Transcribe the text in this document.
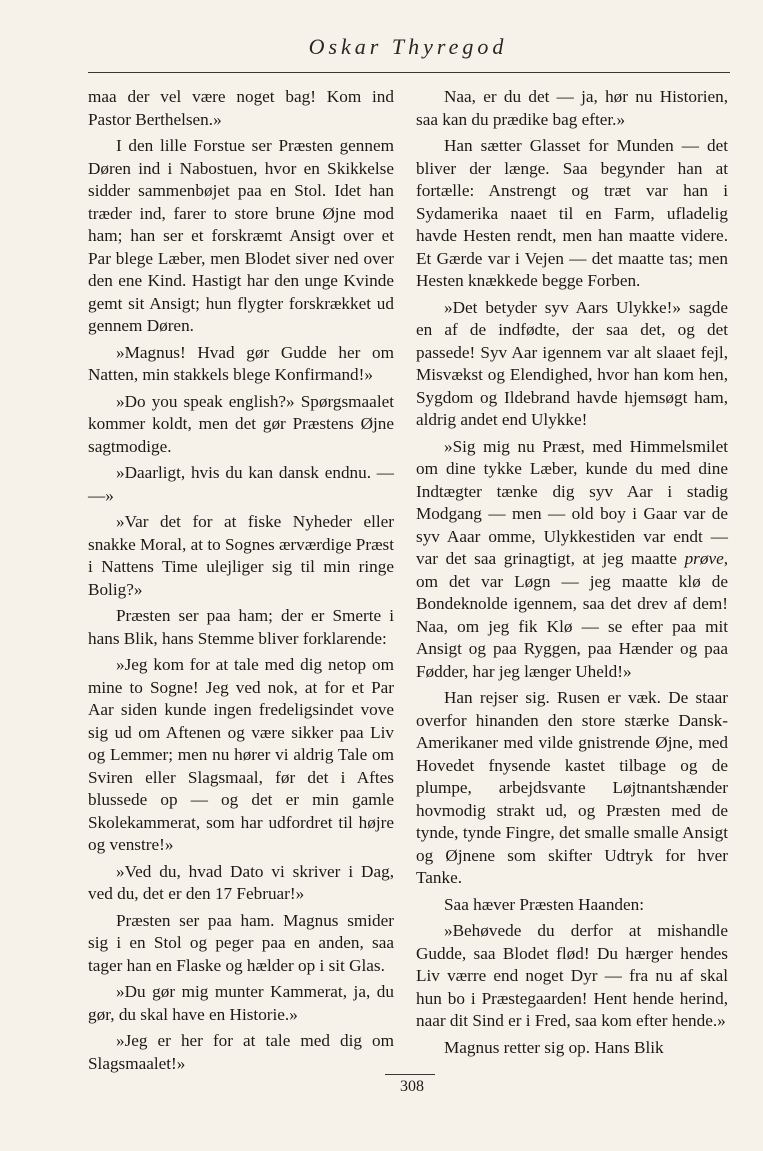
Oskar Thyregod

maa der vel være noget bag! Kom ind Pastor Berthelsen.»

I den lille Forstue ser Præsten gennem Døren ind i Nabostuen, hvor en Skikkelse sidder sammenbøjet paa en Stol. Idet han træder ind, farer to store brune Øjne mod ham; han ser et forskræmt Ansigt over et Par blege Læber, men Blodet siver ned over den ene Kind. Hastigt har den unge Kvinde gemt sit Ansigt; hun flygter forskrækket ud gennem Døren.

»Magnus! Hvad gør Gudde her om Natten, min stakkels blege Konfirmand!»

»Do you speak english?» Spørgsmaalet kommer koldt, men det gør Præstens Øjne sagtmodige.

»Daarligt, hvis du kan dansk endnu. — —»

»Var det for at fiske Nyheder eller snakke Moral, at to Sognes ærværdige Præst i Nattens Time ulejliger sig til min ringe Bolig?»

Præsten ser paa ham; der er Smerte i hans Blik, hans Stemme bliver forklarende:

»Jeg kom for at tale med dig netop om mine to Sogne! Jeg ved nok, at for et Par Aar siden kunde ingen fredeligsindet vove sig ud om Aftenen og være sikker paa Liv og Lemmer; men nu hører vi aldrig Tale om Sviren eller Slagsmaal, før det i Aftes blussede op — og det er min gamle Skolekammerat, som har udfordret til højre og venstre!»

»Ved du, hvad Dato vi skriver i Dag, ved du, det er den 17 Februar!»

Præsten ser paa ham. Magnus smider sig i en Stol og peger paa en anden, saa tager han en Flaske og hælder op i sit Glas.

»Du gør mig munter Kammerat, ja, du gør, du skal have en Historie.»

»Jeg er her for at tale med dig om Slagsmaalet!»

Naa, er du det — ja, hør nu Historien, saa kan du prædike bag efter.»

Han sætter Glasset for Munden — det bliver der længe. Saa begynder han at fortælle: Anstrengt og træt var han i Sydamerika naaet til en Farm, ufladelig havde Hesten rendt, men han maatte videre. Et Gærde var i Vejen — det maatte tas; men Hesten knækkede begge Forben.

»Det betyder syv Aars Ulykke!» sagde en af de indfødte, der saa det, og det passede! Syv Aar igennem var alt slaaet fejl, Misvækst og Elendighed, hvor han kom hen, Sygdom og Ildebrand havde hjemsøgt ham, aldrig andet end Ulykke!

»Sig mig nu Præst, med Himmelsmilet om dine tykke Læber, kunde du med dine Indtægter tænke dig syv Aar i stadig Modgang — men — old boy i Gaar var de syv Aaar omme, Ulykkestiden var endt — var det saa grinagtigt, at jeg maatte prøve, om det var Løgn — jeg maatte klø de Bondeknolde igennem, saa det drev af dem! Naa, om jeg fik Klø — se efter paa mit Ansigt og paa Ryggen, paa Hænder og paa Fødder, har jeg længer Uheld!»

Han rejser sig. Rusen er væk. De staar overfor hinanden den store stærke Dansk-Amerikaner med vilde gnistrende Øjne, med Hovedet fnysende kastet tilbage og de plumpe, arbejdsvante Løjtnantshænder hovmodig strakt ud, og Præsten med de tynde, tynde Fingre, det smalle smalle Ansigt og Øjnene som skifter Udtryk for hver Tanke.

Saa hæver Præsten Haanden:

»Behøvede du derfor at mishandle Gudde, saa Blodet flød! Du hærger hendes Liv værre end noget Dyr — fra nu af skal hun bo i Præstegaarden! Hent hende herind, naar dit Sind er i Fred, saa kom efter hende.»

Magnus retter sig op. Hans Blik

308
